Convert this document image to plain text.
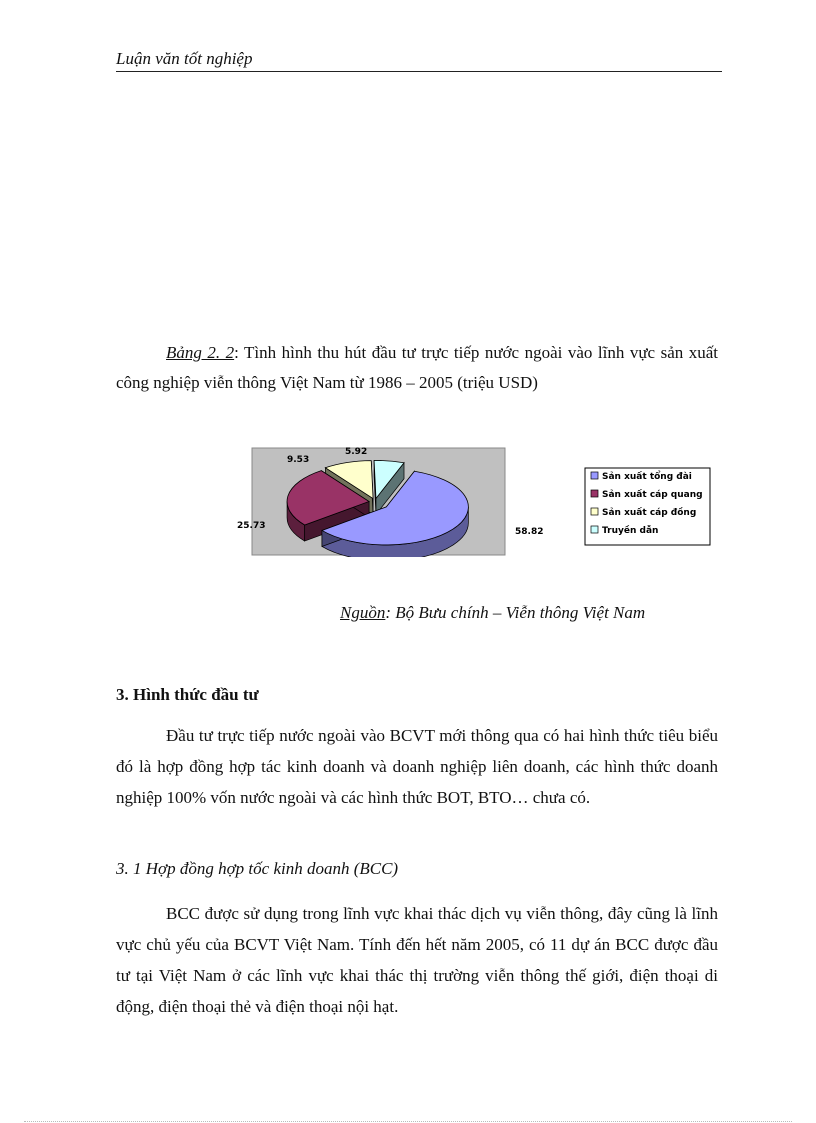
Luận văn tốt nghiệp
Bảng 2. 2: Tình hình thu hút đầu tư trực tiếp nước ngoài vào lĩnh vực sản xuất công nghiệp viễn thông Việt Nam từ 1986 – 2005 (triệu USD)
58.82
25.73
9.53
5.92
Sản xuất tổng đài
Sản xuất cáp quang
Sản xuất cáp đồng
Truyền dẫn
Nguồn: Bộ Bưu chính – Viễn thông Việt Nam
3. Hình thức đầu tư
Đầu tư trực tiếp nước ngoài vào BCVT mới thông qua có hai hình thức tiêu biểu đó là hợp đồng hợp tác kinh doanh và doanh nghiệp liên doanh, các hình thức doanh nghiệp 100% vốn nước ngoài và các hình thức BOT, BTO… chưa có.
3. 1 Hợp đồng hợp tốc kinh doanh (BCC)
BCC được sử dụng trong lĩnh vực khai thác dịch vụ viễn thông, đây cũng là lĩnh vực chủ yếu của BCVT Việt Nam. Tính đến hết năm 2005, có 11 dự án BCC được đầu tư tại Việt Nam ở các lĩnh vực khai thác thị trường viễn thông thế giới, điện thoại di động, điện thoại thẻ và điện thoại nội hạt.
